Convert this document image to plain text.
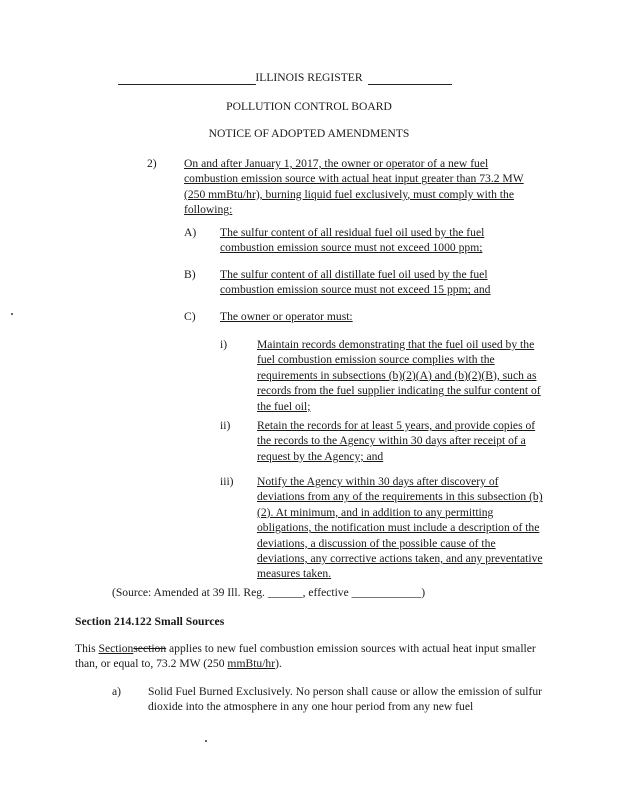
ILLINOIS REGISTER
POLLUTION CONTROL BOARD
NOTICE OF ADOPTED AMENDMENTS
2) On and after January 1, 2017, the owner or operator of a new fuel combustion emission source with actual heat input greater than 73.2 MW (250 mmBtu/hr), burning liquid fuel exclusively, must comply with the following:
A) The sulfur content of all residual fuel oil used by the fuel combustion emission source must not exceed 1000 ppm;
B) The sulfur content of all distillate fuel oil used by the fuel combustion emission source must not exceed 15 ppm; and
C) The owner or operator must:
i)	Maintain records demonstrating that the fuel oil used by the fuel combustion emission source complies with the requirements in subsections (b)(2)(A) and (b)(2)(B), such as records from the fuel supplier indicating the sulfur content of the fuel oil;
ii) Retain the records for at least 5 years, and provide copies of the records to the Agency within 30 days after receipt of a request by the Agency; and
iii) Notify the Agency within 30 days after discovery of deviations from any of the requirements in this subsection (b)(2). At minimum, and in addition to any permitting obligations, the notification must include a description of the deviations, a discussion of the possible cause of the deviations, any corrective actions taken, and any preventative measures taken.
(Source: Amended at 39 Ill. Reg. ______, effective ____________)
Section 214.122 Small Sources
This Sectionsection applies to new fuel combustion emission sources with actual heat input smaller than, or equal to, 73.2 MW (250 mmBtu/hr).
a) Solid Fuel Burned Exclusively. No person shall cause or allow the emission of sulfur dioxide into the atmosphere in any one hour period from any new fuel
